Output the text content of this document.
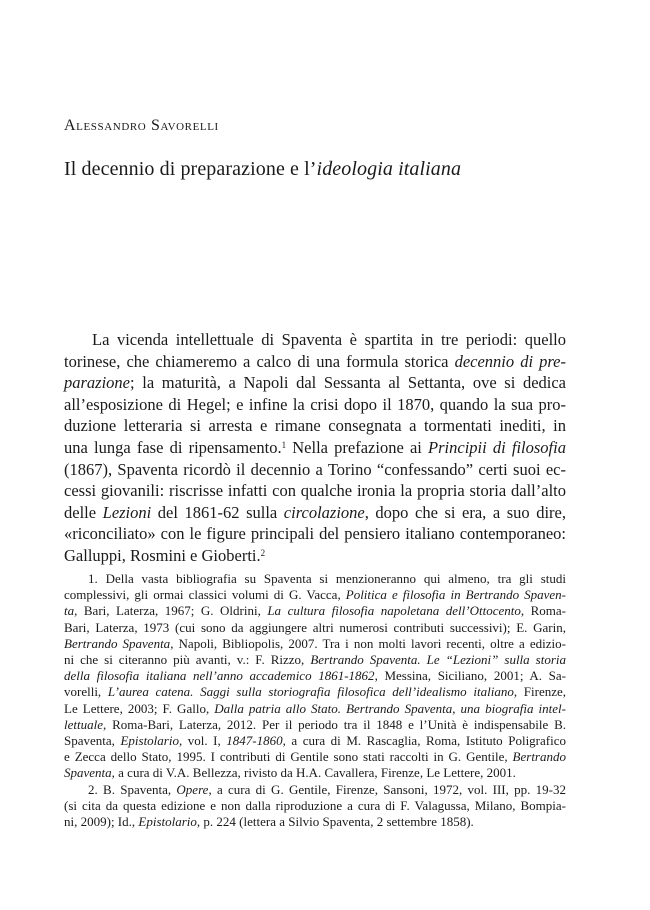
Alessandro Savorelli
Il decennio di preparazione e l’ideologia italiana
La vicenda intellettuale di Spaventa è spartita in tre periodi: quello
torinese, che chiameremo a calco di una formula storica decennio di pre-
parazione; la maturità, a Napoli dal Sessanta al Settanta, ove si dedica
all’esposizione di Hegel; e infine la crisi dopo il 1870, quando la sua pro-
duzione letteraria si arresta e rimane consegnata a tormentati inediti, in
una lunga fase di ripensamento.$^1$ Nella prefazione ai Principii di filosofia
(1867), Spaventa ricordò il decennio a Torino “confessando” certi suoi ec-
cessi giovanili: riscrisse infatti con qualche ironia la propria storia dall’alto
delle Lezioni del 1861-62 sulla circolazione, dopo che si era, a suo dire,
«riconciliato» con le figure principali del pensiero italiano contemporaneo:
Galluppi, Rosmini e Gioberti.$^2$
1. Della vasta bibliografia su Spaventa si menzioneranno qui almeno, tra gli studi
complessivi, gli ormai classici volumi di G. Vacca, Politica e filosofia in Bertrando Spaven-
ta, Bari, Laterza, 1967; G. Oldrini, La cultura filosofia napoletana dell’Ottocento, Roma-
Bari, Laterza, 1973 (cui sono da aggiungere altri numerosi contributi successivi); E. Garin,
Bertrando Spaventa, Napoli, Bibliopolis, 2007. Tra i non molti lavori recenti, oltre a edizio-
ni che si citeranno più avanti, v.: F. Rizzo, Bertrando Spaventa. Le “Lezioni” sulla storia
della filosofia italiana nell’anno accademico 1861-1862, Messina, Siciliano, 2001; A. Sa-
vorelli, L’aurea catena. Saggi sulla storiografia filosofica dell’idealismo italiano, Firenze,
Le Lettere, 2003; F. Gallo, Dalla patria allo Stato. Bertrando Spaventa, una biografia intel-
lettuale, Roma-Bari, Laterza, 2012. Per il periodo tra il 1848 e l’Unità è indispensabile B.
Spaventa, Epistolario, vol. I, 1847-1860, a cura di M. Rascaglia, Roma, Istituto Poligrafico
e Zecca dello Stato, 1995. I contributi di Gentile sono stati raccolti in G. Gentile, Bertrando
Spaventa, a cura di V.A. Bellezza, rivisto da H.A. Cavallera, Firenze, Le Lettere, 2001.
2. B. Spaventa, Opere, a cura di G. Gentile, Firenze, Sansoni, 1972, vol. III, pp. 19-32
(si cita da questa edizione e non dalla riproduzione a cura di F. Valagussa, Milano, Bompia-
ni, 2009); Id., Epistolario, p. 224 (lettera a Silvio Spaventa, 2 settembre 1858).
